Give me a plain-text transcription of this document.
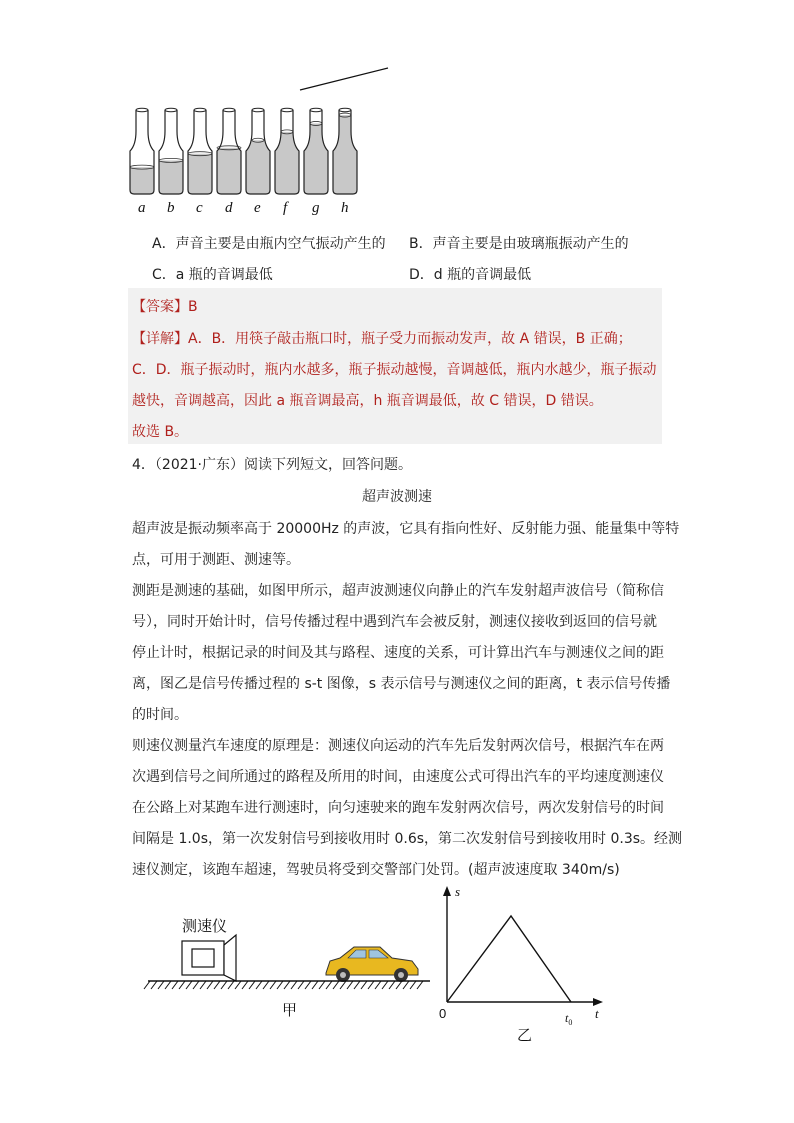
a b c d e f g h
A．声音主要是由瓶内空气振动产生的 B．声音主要是由玻璃瓶振动产生的
C．a 瓶的音调最低	D．d 瓶的音调最低
【答案】B
【详解】A．B．用筷子敲击瓶口时，瓶子受力而振动发声，故 A 错误，B 正确；
C．D．瓶子振动时，瓶内水越多，瓶子振动越慢，音调越低，瓶内水越少，瓶子振动
越快，音调越高，因此 a 瓶音调最高，h 瓶音调最低，故 C 错误，D 错误。
故选 B。
4．（2021·广东）阅读下列短文，回答问题。
超声波测速
超声波是振动频率高于 20000Hz 的声波，它具有指向性好、反射能力强、能量集中等特
点，可用于测距、测速等。
测距是测速的基础，如图甲所示，超声波测速仪向静止的汽车发射超声波信号（简称信
号），同时开始计时，信号传播过程中遇到汽车会被反射，测速仪接收到返回的信号就
停止计时，根据记录的时间及其与路程、速度的关系，可计算出汽车与测速仪之间的距
离，图乙是信号传播过程的 s-t 图像，s 表示信号与测速仪之间的距离，t 表示信号传播
的时间。
则速仪测量汽车速度的原理是：测速仪向运动的汽车先后发射两次信号，根据汽车在两
次遇到信号之间所通过的路程及所用的时间，由速度公式可得出汽车的平均速度测速仪
在公路上对某跑车进行测速时，向匀速驶来的跑车发射两次信号，两次发射信号的时间
间隔是 1.0s，第一次发射信号到接收用时 0.6s，第二次发射信号到接收用时 0.3s。经测
速仪测定，该跑车超速，驾驶员将受到交警部门处罚。(超声波速度取 340m/s)
测速仪
甲
s
t
0	$t_0$
乙
